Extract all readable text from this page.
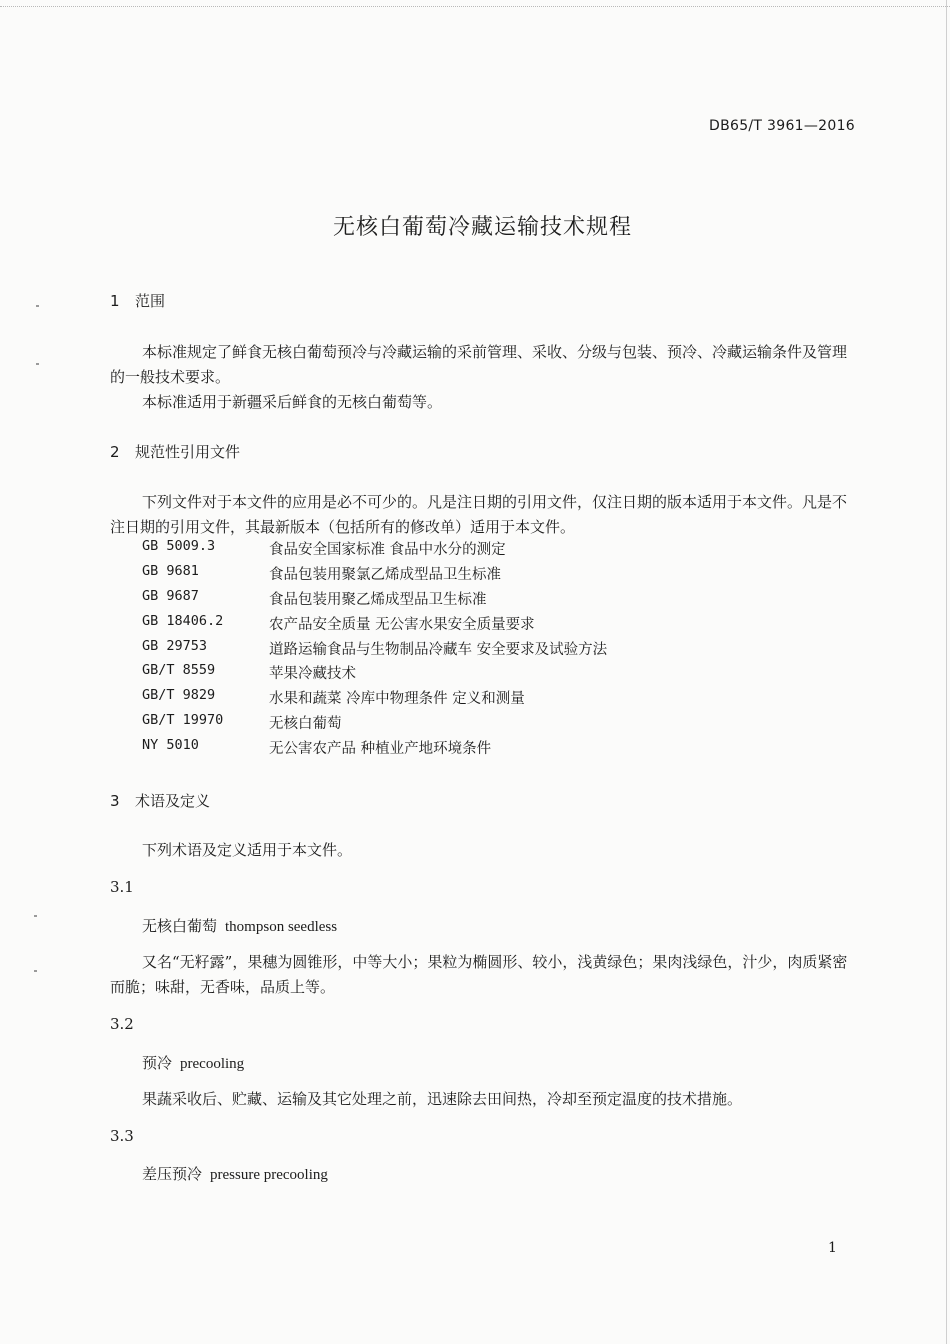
DB65/T 3961—2016
无核白葡萄冷藏运输技术规程
1 范围

本标准规定了鲜食无核白葡萄预冷与冷藏运输的采前管理、采收、分级与包装、预冷、冷藏运输条件及管理的一般技术要求。

本标准适用于新疆采后鲜食的无核白葡萄等。

2 规范性引用文件

下列文件对于本文件的应用是必不可少的。凡是注日期的引用文件，仅注日期的版本适用于本文件。凡是不注日期的引用文件，其最新版本（包括所有的修改单）适用于本文件。

GB 5009.3	食品安全国家标准 食品中水分的测定
GB 9681	食品包装用聚氯乙烯成型品卫生标准
GB 9687	食品包装用聚乙烯成型品卫生标准
GB 18406.2	农产品安全质量 无公害水果安全质量要求
GB 29753	道路运输食品与生物制品冷藏车 安全要求及试验方法
GB/T 8559	苹果冷藏技术
GB/T 9829	水果和蔬菜 冷库中物理条件 定义和测量
GB/T 19970	无核白葡萄
NY 5010	无公害农产品 种植业产地环境条件
3 术语及定义

下列术语及定义适用于本文件。

3.1
无核白葡萄 thompson seedless

又名“无籽露”，果穗为圆锥形，中等大小；果粒为椭圆形、较小，浅黄绿色；果肉浅绿色，汁少，肉质紧密而脆；味甜，无香味，品质上等。

3.2
预冷 precooling

果蔬采收后、贮藏、运输及其它处理之前，迅速除去田间热，冷却至预定温度的技术措施。

3.3
差压预冷 pressure precooling
1
